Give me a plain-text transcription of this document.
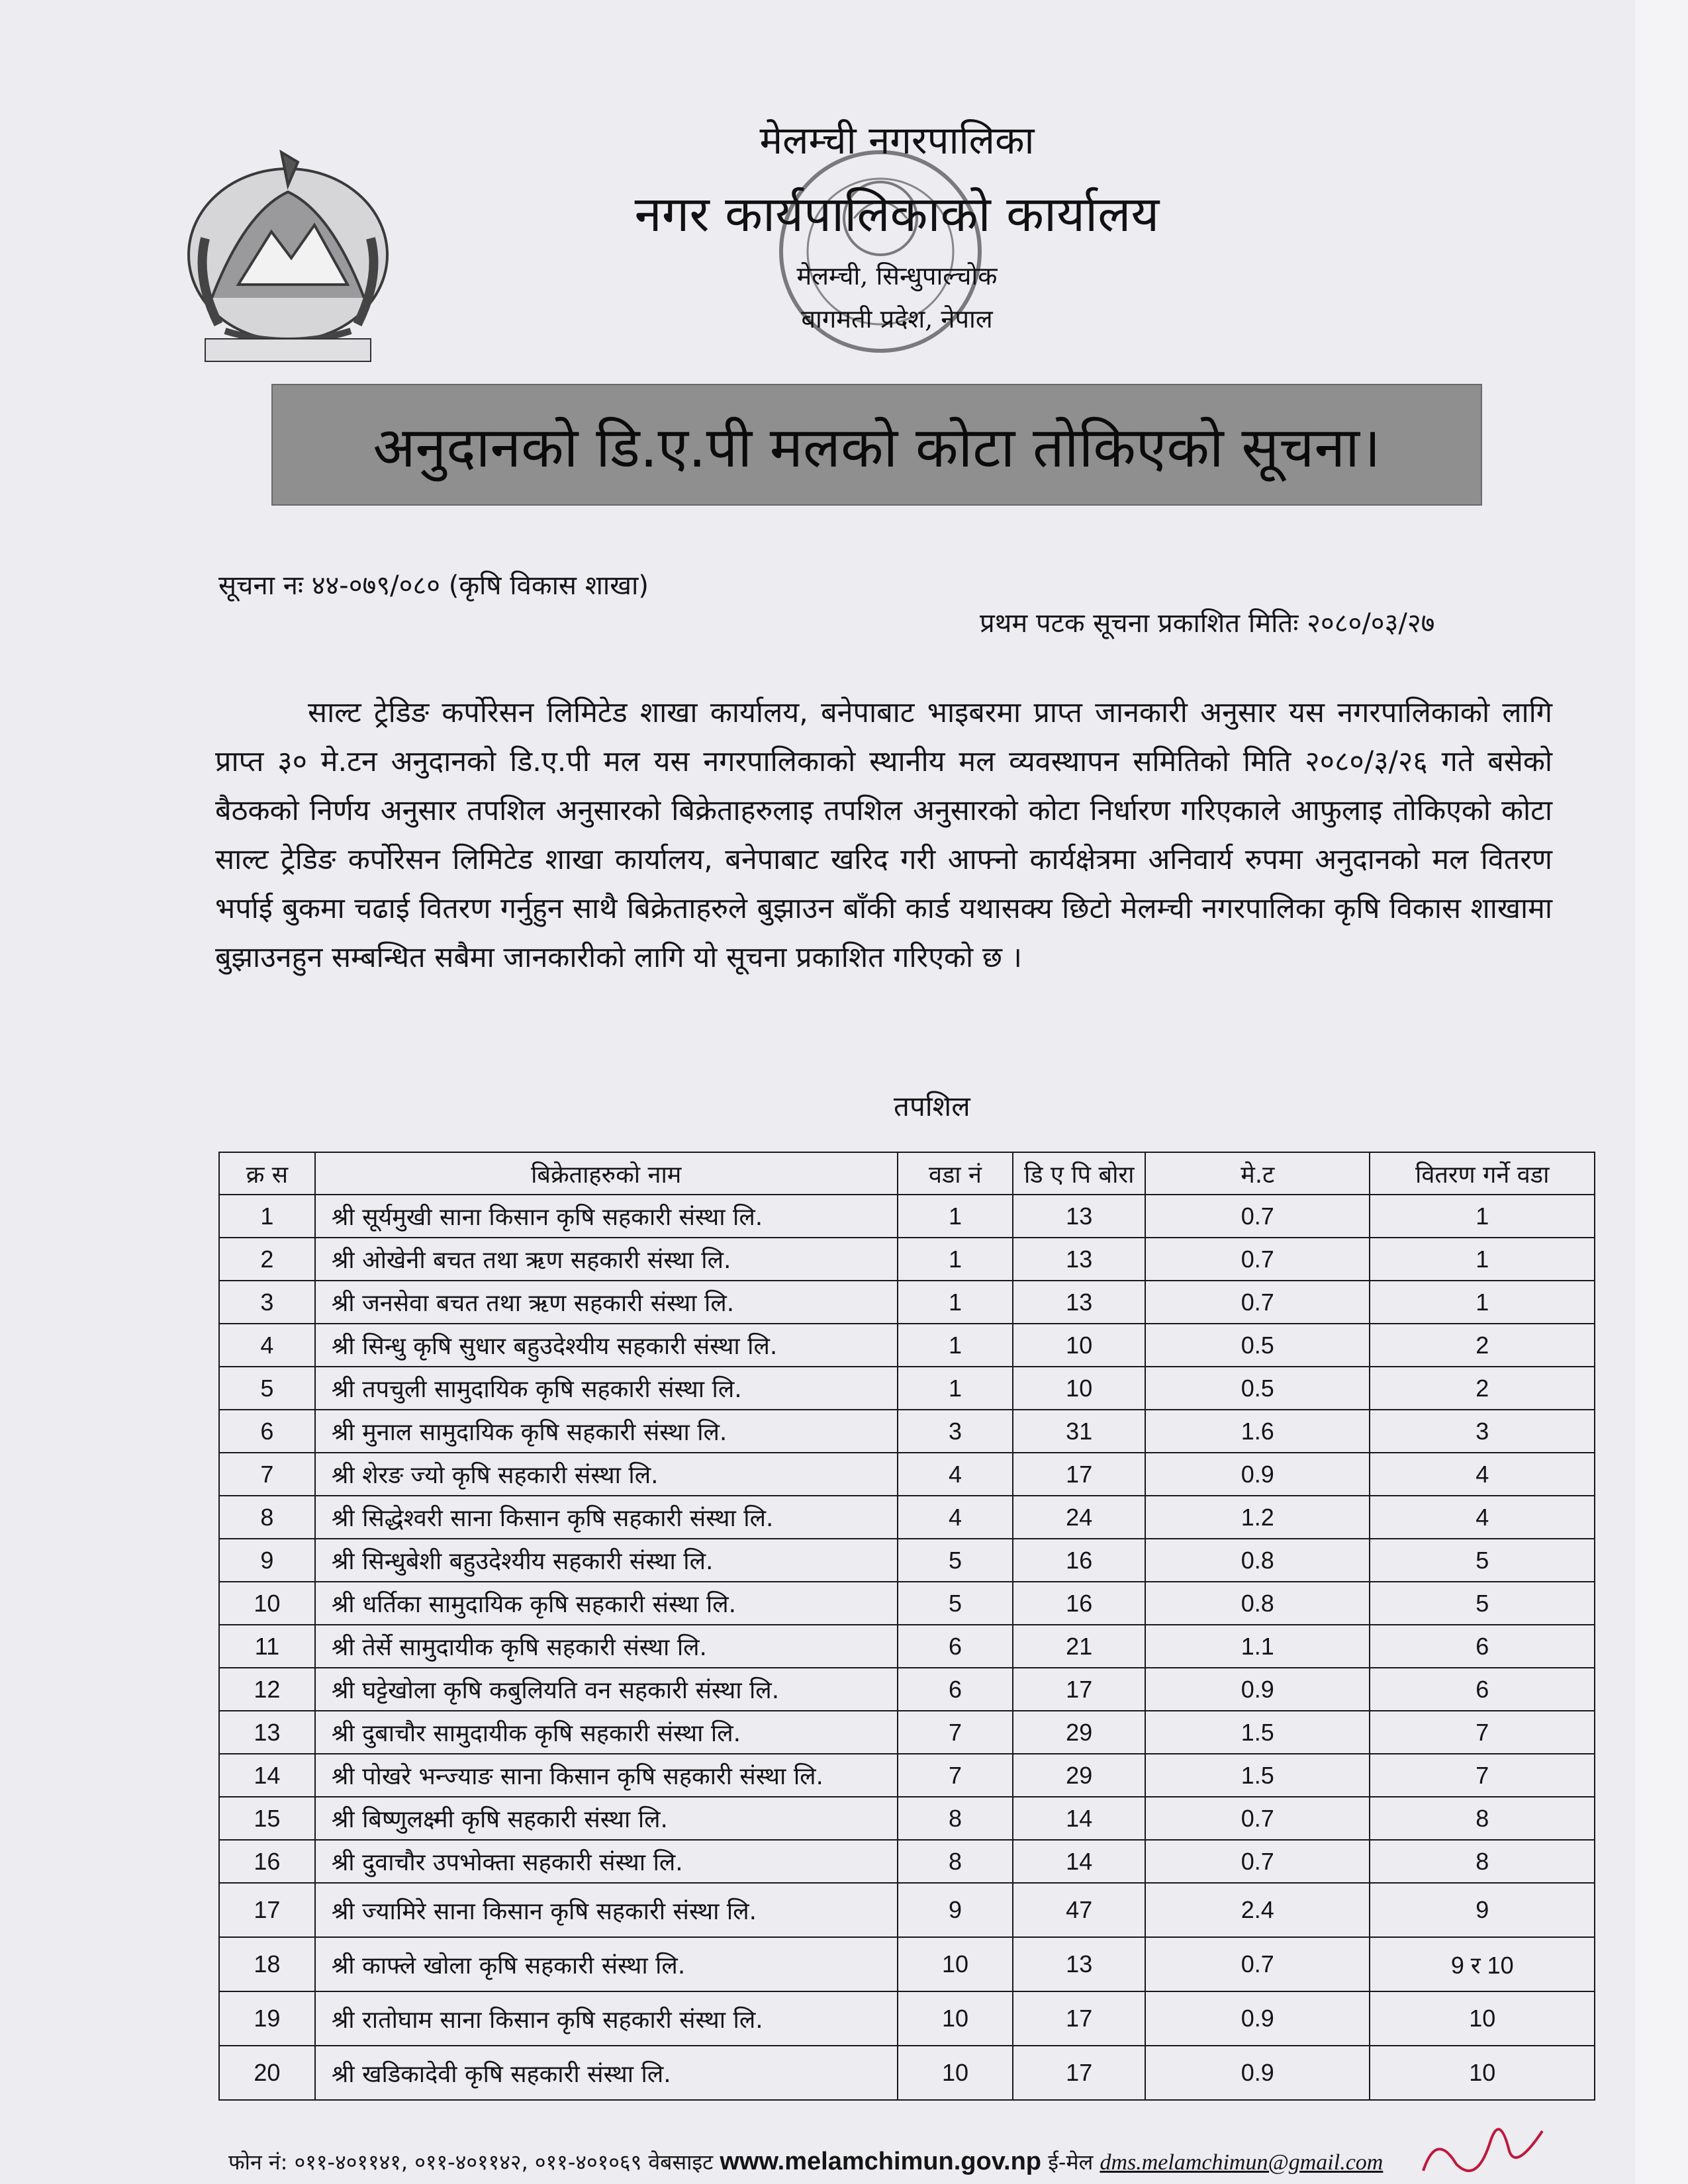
मेलम्ची नगरपालिका
नगर कार्यपालिकाको कार्यालय
मेलम्ची, सिन्धुपाल्चोक
बागमती प्रदेश, नेपाल
अनुदानको डि.ए.पी मलको कोटा तोकिएको सूचना।
सूचना नः ४४-०७९/०८० (कृषि विकास शाखा)
प्रथम पटक सूचना प्रकाशित मितिः २०८०/०३/२७
साल्ट ट्रेडिङ कर्पोरेसन लिमिटेड शाखा कार्यालय, बनेपाबाट भाइबरमा प्राप्त जानकारी अनुसार यस नगरपालिकाको लागि प्राप्त ३० मे.टन अनुदानको डि.ए.पी मल यस नगरपालिकाको स्थानीय मल व्यवस्थापन समितिको मिति २०८०/३/२६ गते बसेको बैठकको निर्णय अनुसार तपशिल अनुसारको बिक्रेताहरुलाइ तपशिल अनुसारको कोटा निर्धारण गरिएकाले आफुलाइ तोकिएको कोटा साल्ट ट्रेडिङ कर्पोरेसन लिमिटेड शाखा कार्यालय, बनेपाबाट खरिद गरी आफ्नो कार्यक्षेत्रमा अनिवार्य रुपमा अनुदानको मल वितरण भर्पाई बुकमा चढाई वितरण गर्नुहुन साथै बिक्रेताहरुले बुझाउन बाँकी कार्ड यथासक्य छिटो मेलम्ची नगरपालिका कृषि विकास शाखामा बुझाउनहुन सम्बन्धित सबैमा जानकारीको लागि यो सूचना प्रकाशित गरिएको छ ।
तपशिल
क्र स	बिक्रेताहरुको नाम	वडा नं	डि ए पि बोरा	मे.ट	वितरण गर्ने वडा
1	श्री सूर्यमुखी साना किसान कृषि सहकारी संस्था लि.	1	13	0.7	1
2	श्री ओखेनी बचत तथा ऋण सहकारी संस्था लि.	1	13	0.7	1
3	श्री जनसेवा बचत तथा ऋण सहकारी संस्था लि.	1	13	0.7	1
4	श्री सिन्धु कृषि सुधार बहुउदेश्यीय सहकारी संस्था लि.	1	10	0.5	2
5	श्री तपचुली सामुदायिक कृषि सहकारी संस्था लि.	1	10	0.5	2
6	श्री मुनाल सामुदायिक कृषि सहकारी संस्था लि.	3	31	1.6	3
7	श्री शेरङ ज्यो कृषि सहकारी संस्था लि.	4	17	0.9	4
8	श्री सिद्धेश्वरी साना किसान कृषि सहकारी संस्था लि.	4	24	1.2	4
9	श्री सिन्धुबेशी बहुउदेश्यीय सहकारी संस्था लि.	5	16	0.8	5
10	श्री धर्तिका सामुदायिक कृषि सहकारी संस्था लि.	5	16	0.8	5
11	श्री तेर्से सामुदायीक कृषि सहकारी संस्था लि.	6	21	1.1	6
12	श्री घट्टेखोला कृषि कबुलियति वन सहकारी संस्था लि.	6	17	0.9	6
13	श्री दुबाचौर सामुदायीक कृषि सहकारी संस्था लि.	7	29	1.5	7
14	श्री पोखरे भन्ज्याङ साना किसान कृषि सहकारी संस्था लि.	7	29	1.5	7
15	श्री बिष्णुलक्ष्मी कृषि सहकारी संस्था लि.	8	14	0.7	8
16	श्री दुवाचौर उपभोक्ता सहकारी संस्था लि.	8	14	0.7	8
17	श्री ज्यामिरे साना किसान कृषि सहकारी संस्था लि.	9	47	2.4	9
18	श्री काफ्ले खोला कृषि सहकारी संस्था लि.	10	13	0.7	9 र 10
19	श्री रातोघाम साना किसान कृषि सहकारी संस्था लि.	10	17	0.9	10
20	श्री खडिकादेवी कृषि सहकारी संस्था लि.	10	17	0.9	10
फोन नं: ०११-४०११४१, ०११-४०११४२, ०११-४०१०६९ वेबसाइट www.melamchimun.gov.np ई-मेल dms.melamchimun@gmail.com
